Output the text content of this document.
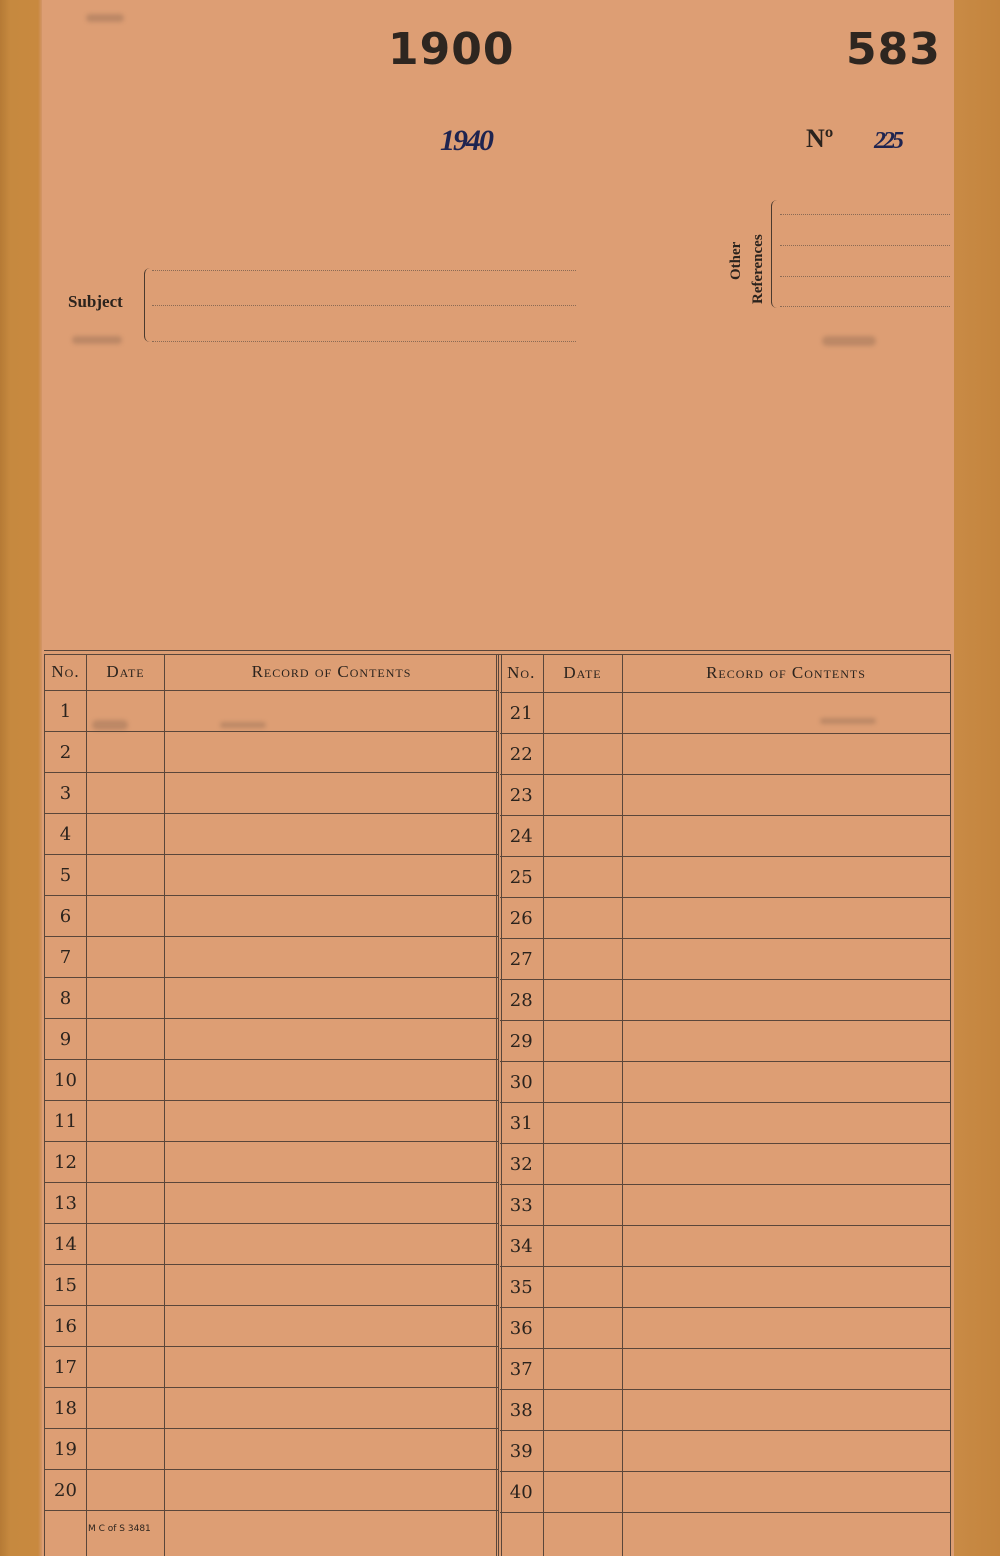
1900	583
1940	Nº 225
Subject
Other References
No.	Date	Record of Contents
1		
2		
3		
4		
5		
6		
7		
8		
9		
10		
11		
12		
13		
14		
15		
16		
17		
18		
19		
20		

No.	Date	Record of Contents
21		
22		
23		
24		
25		
26		
27		
28		
29		
30		
31		
32		
33		
34		
35		
36		
37		
38		
39		
40		

M C of S 3481
